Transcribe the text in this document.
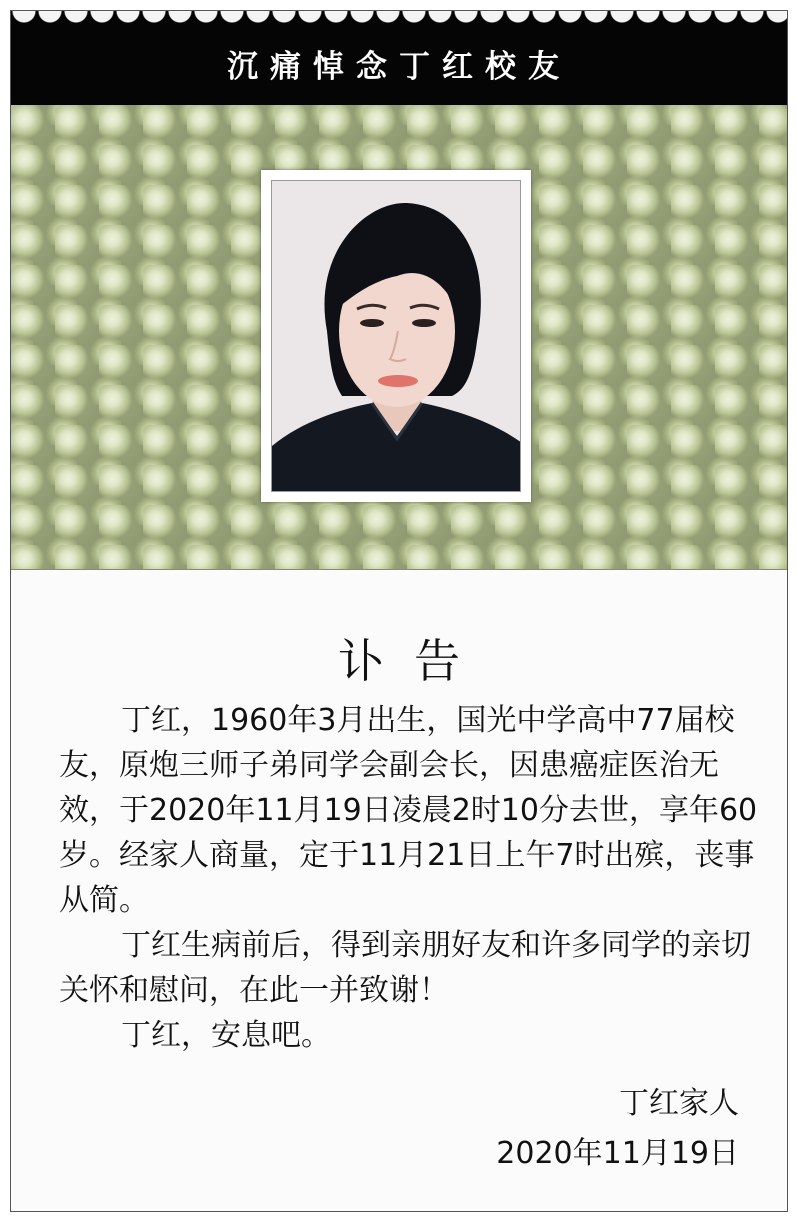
沉痛悼念丁红校友
讣告

丁红，1960年3月出生，国光中学高中77届校友，原炮三师子弟同学会副会长，因患癌症医治无效，于2020年11月19日凌晨2时10分去世，享年60岁。经家人商量，定于11月21日上午7时出殡，丧事从简。

丁红生病前后，得到亲朋好友和许多同学的亲切关怀和慰问，在此一并致谢！

丁红，安息吧。

丁红家人
2020年11月19日
